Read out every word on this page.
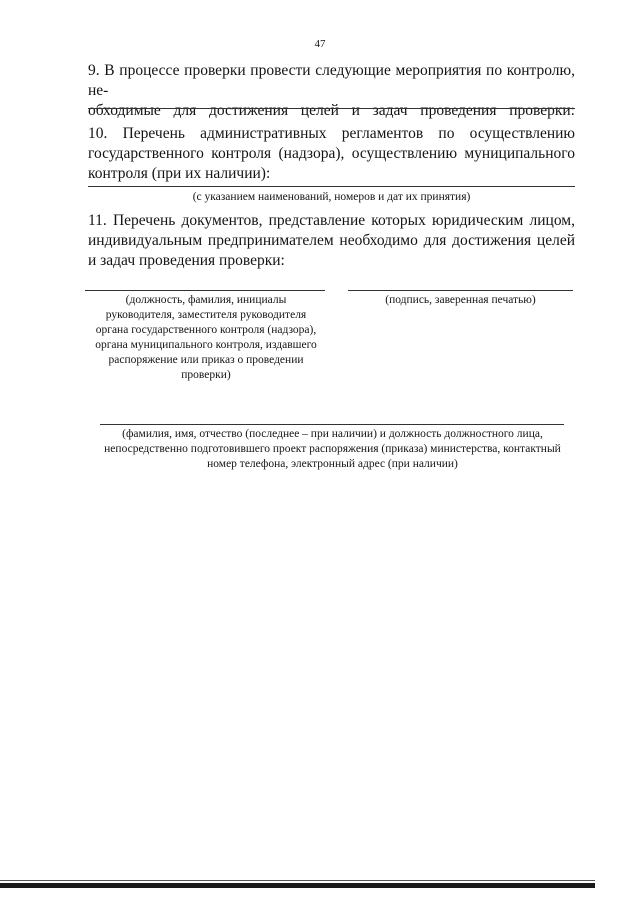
47
9. В процессе проверки провести следующие мероприятия по контролю, не-
обходимые для достижения целей и задач проведения проверки:
10. Перечень административных регламентов по осуществлению государственного контроля (надзора), осуществлению муниципального контроля (при их наличии):
(с указанием наименований, номеров и дат их принятия)
11. Перечень документов, представление которых юридическим лицом, индивидуальным предпринимателем необходимо для достижения целей и задач проведения проверки:
(должность, фамилия, инициалы руководителя, заместителя руководителя органа государственного контроля (надзора), органа муниципального контроля, издавшего распоряжение или приказ о проведении проверки)
(подпись, заверенная печатью)
(фамилия, имя, отчество (последнее – при наличии) и должность должностного лица, непосредственно подготовившего проект распоряжения (приказа) министерства, контактный номер телефона, электронный адрес (при наличии)
